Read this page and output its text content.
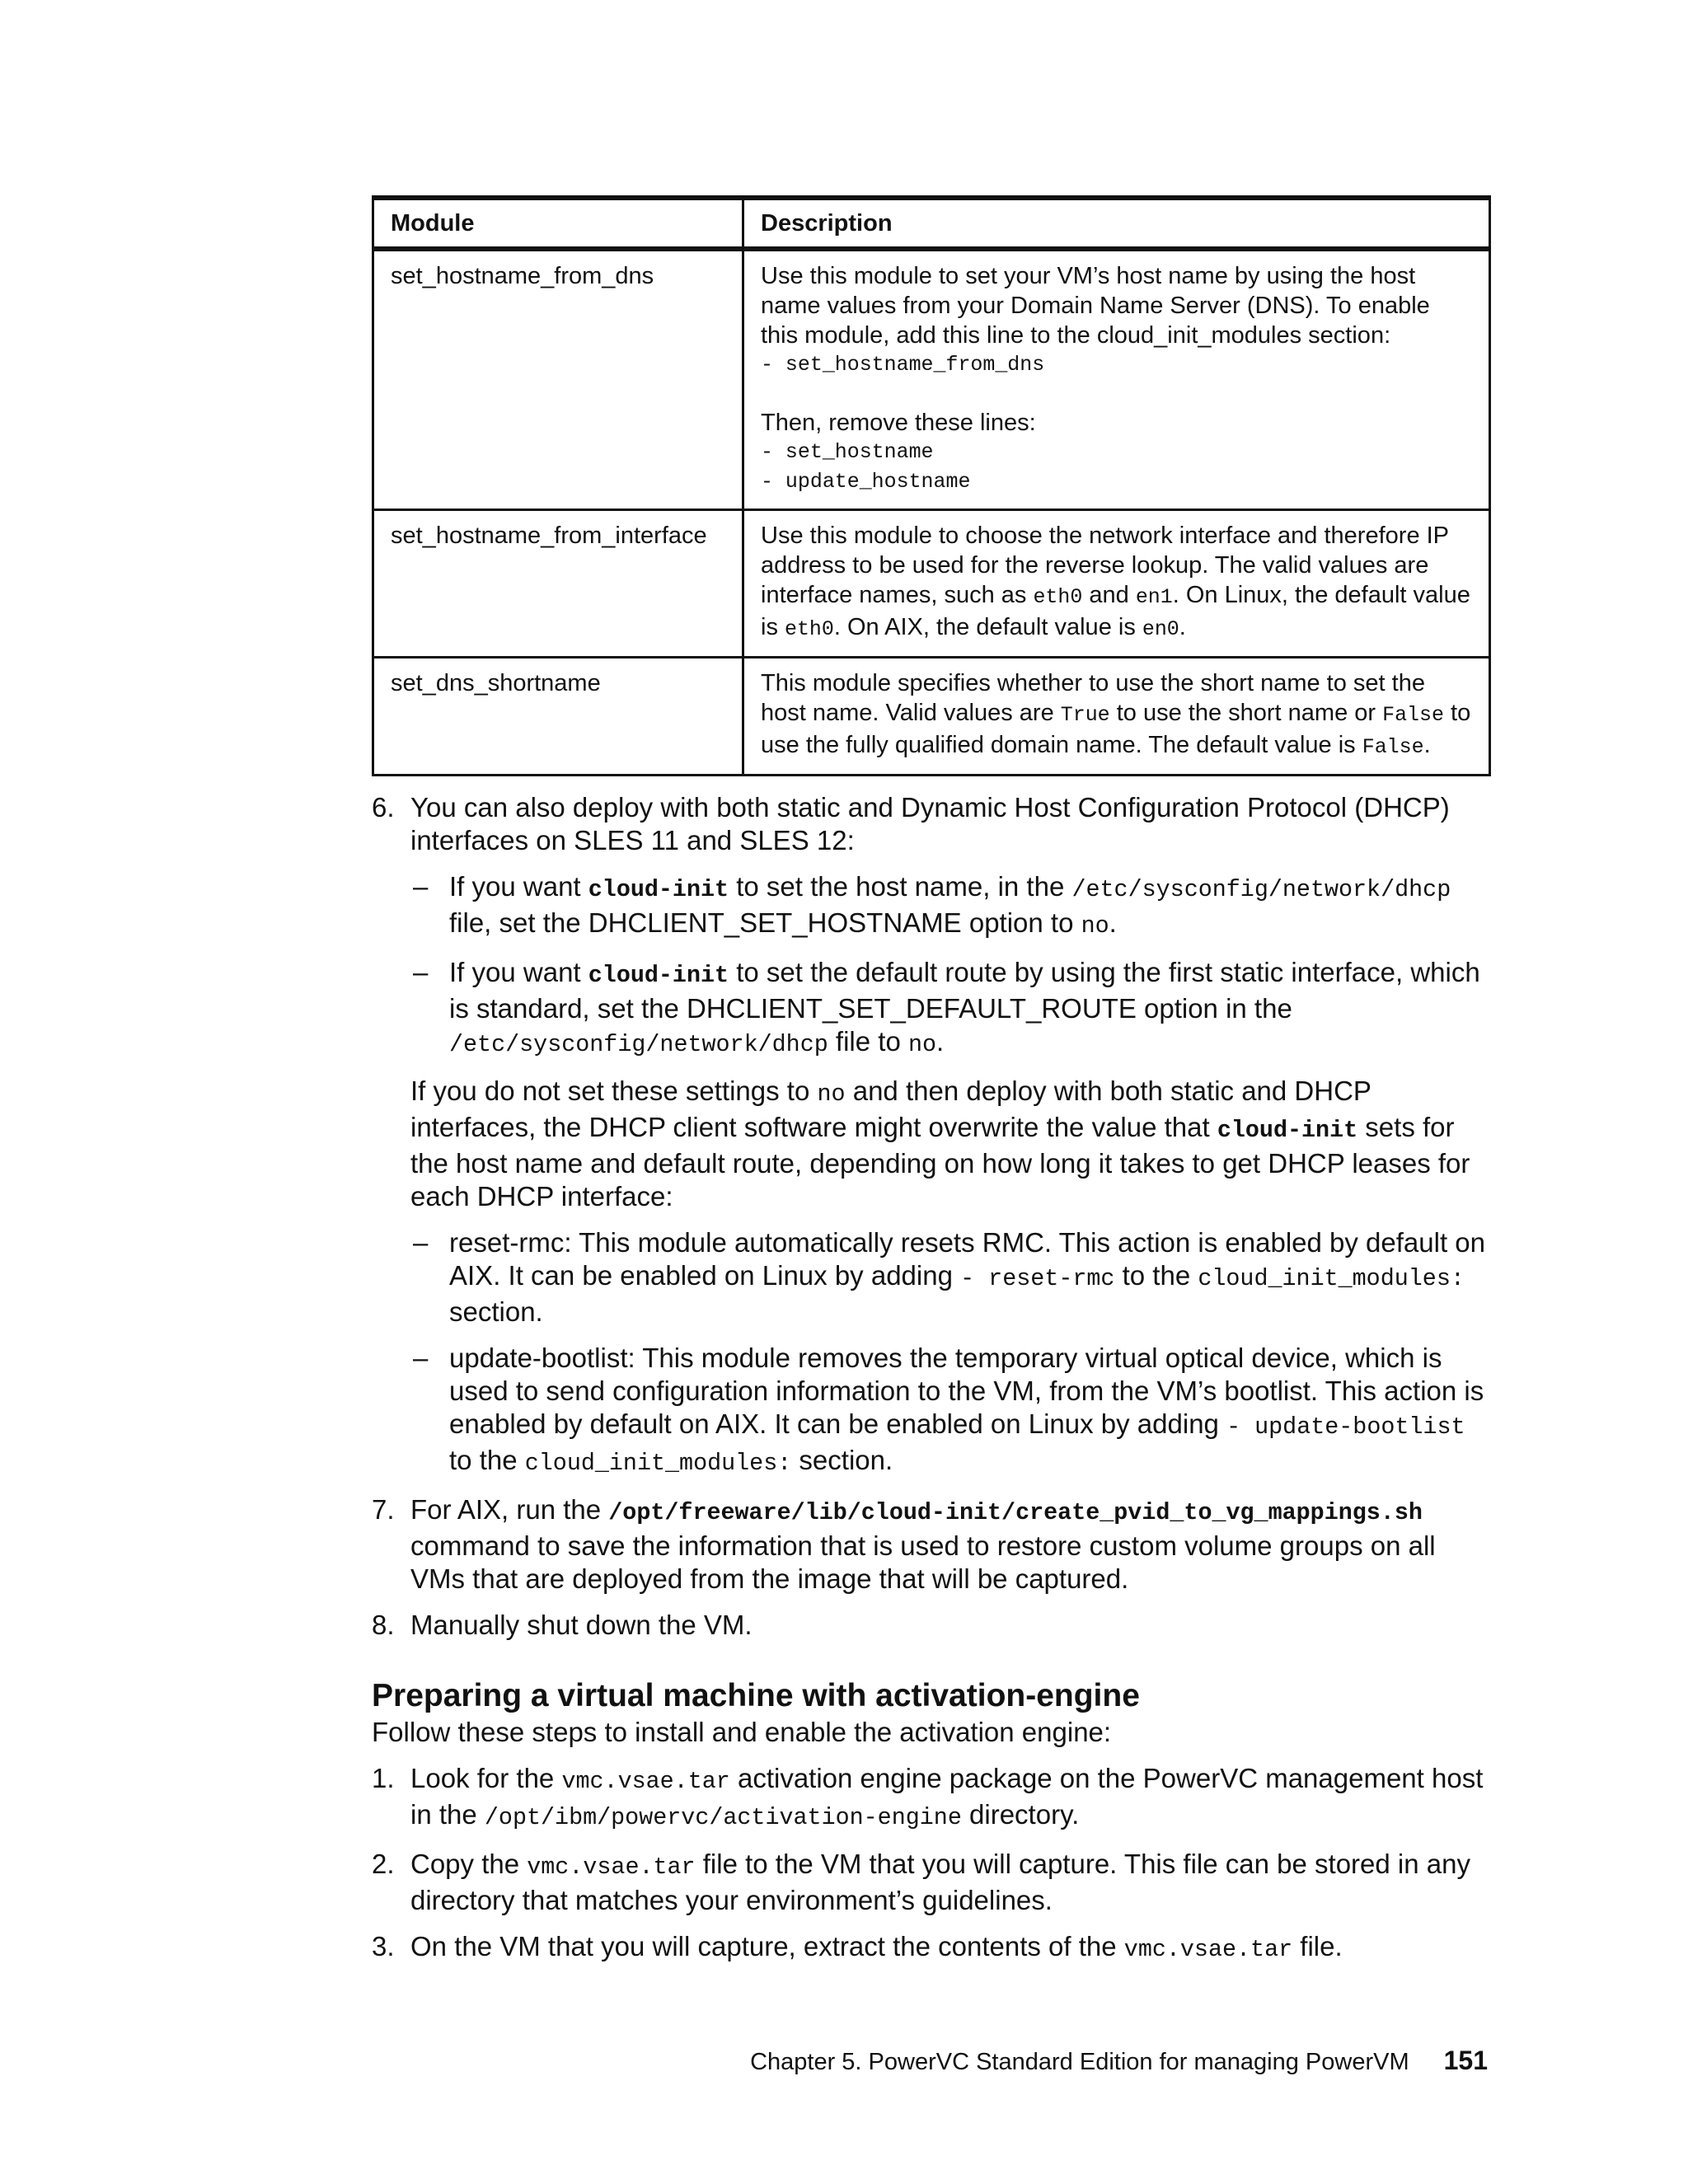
Module	Description
set_hostname_from_dns	Use this module to set your VM’s host name by using the host name values from your Domain Name Server (DNS). To enable this module, add this line to the cloud_init_modules section:
- set_hostname_from_dns
Then, remove these lines:
- set_hostname
- update_hostname

set_hostname_from_interface	Use this module to choose the network interface and therefore IP address to be used for the reverse lookup. The valid values are interface names, such as eth0 and en1. On Linux, the default value is eth0. On AIX, the default value is en0.
set_dns_shortname	This module specifies whether to use the short name to set the host name. Valid values are True to use the short name or False to use the fully qualified domain name. The default value is False.
6. You can also deploy with both static and Dynamic Host Configuration Protocol (DHCP) interfaces on SLES 11 and SLES 12:
– If you want cloud-init to set the host name, in the /etc/sysconfig/network/dhcp file, set the DHCLIENT_SET_HOSTNAME option to no.
– If you want cloud-init to set the default route by using the first static interface, which is standard, set the DHCLIENT_SET_DEFAULT_ROUTE option in the /etc/sysconfig/network/dhcp file to no.
If you do not set these settings to no and then deploy with both static and DHCP interfaces, the DHCP client software might overwrite the value that cloud-init sets for the host name and default route, depending on how long it takes to get DHCP leases for each DHCP interface:
– reset-rmc: This module automatically resets RMC. This action is enabled by default on AIX. It can be enabled on Linux by adding - reset-rmc to the cloud_init_modules: section.
– update-bootlist: This module removes the temporary virtual optical device, which is used to send configuration information to the VM, from the VM’s bootlist. This action is enabled by default on AIX. It can be enabled on Linux by adding - update-bootlist to the cloud_init_modules: section.
7. For AIX, run the /opt/freeware/lib/cloud-init/create_pvid_to_vg_mappings.sh command to save the information that is used to restore custom volume groups on all VMs that are deployed from the image that will be captured.
8. Manually shut down the VM.
Preparing a virtual machine with activation-engine
Follow these steps to install and enable the activation engine:
1. Look for the vmc.vsae.tar activation engine package on the PowerVC management host in the /opt/ibm/powervc/activation-engine directory.
2. Copy the vmc.vsae.tar file to the VM that you will capture. This file can be stored in any directory that matches your environment’s guidelines.
3. On the VM that you will capture, extract the contents of the vmc.vsae.tar file.
Chapter 5. PowerVC Standard Edition for managing PowerVM 151
